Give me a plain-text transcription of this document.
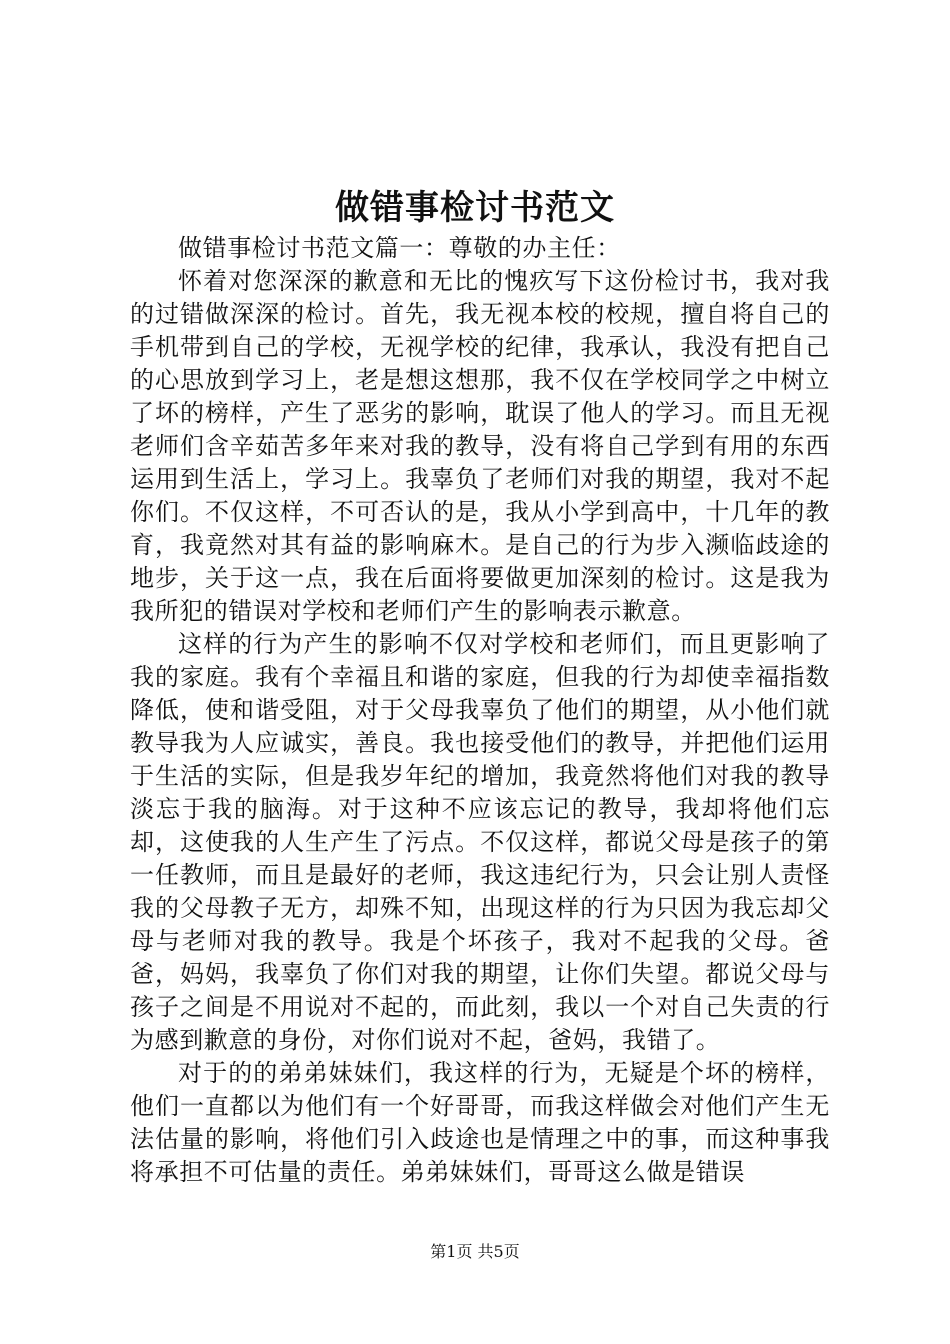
做错事检讨书范文

做错事检讨书范文篇一：尊敬的办主任：

怀着对您深深的歉意和无比的愧疚写下这份检讨书，我对我的过错做深深的检讨。首先，我无视本校的校规，擅自将自己的手机带到自己的学校，无视学校的纪律，我承认，我没有把自己的心思放到学习上，老是想这想那，我不仅在学校同学之中树立了坏的榜样，产生了恶劣的影响，耽误了他人的学习。而且无视老师们含辛茹苦多年来对我的教导，没有将自己学到有用的东西运用到生活上，学习上。我辜负了老师们对我的期望，我对不起你们。不仅这样，不可否认的是，我从小学到高中，十几年的教育，我竟然对其有益的影响麻木。是自己的行为步入濒临歧途的地步，关于这一点，我在后面将要做更加深刻的检讨。这是我为我所犯的错误对学校和老师们产生的影响表示歉意。

这样的行为产生的影响不仅对学校和老师们，而且更影响了我的家庭。我有个幸福且和谐的家庭，但我的行为却使幸福指数降低，使和谐受阻，对于父母我辜负了他们的期望，从小他们就教导我为人应诚实，善良。我也接受他们的教导，并把他们运用于生活的实际，但是我岁年纪的增加，我竟然将他们对我的教导淡忘于我的脑海。对于这种不应该忘记的教导，我却将他们忘却，这使我的人生产生了污点。不仅这样，都说父母是孩子的第一任教师，而且是最好的老师，我这违纪行为，只会让别人责怪我的父母教子无方，却殊不知，出现这样的行为只因为我忘却父母与老师对我的教导。我是个坏孩子，我对不起我的父母。爸爸，妈妈，我辜负了你们对我的期望，让你们失望。都说父母与孩子之间是不用说对不起的，而此刻，我以一个对自己失责的行为感到歉意的身份，对你们说对不起，爸妈，我错了。

对于的的弟弟妹妹们，我这样的行为，无疑是个坏的榜样，他们一直都以为他们有一个好哥哥，而我这样做会对他们产生无法估量的影响，将他们引入歧途也是情理之中的事，而这种事我将承担不可估量的责任。弟弟妹妹们，哥哥这么做是错误

第1页 共5页
